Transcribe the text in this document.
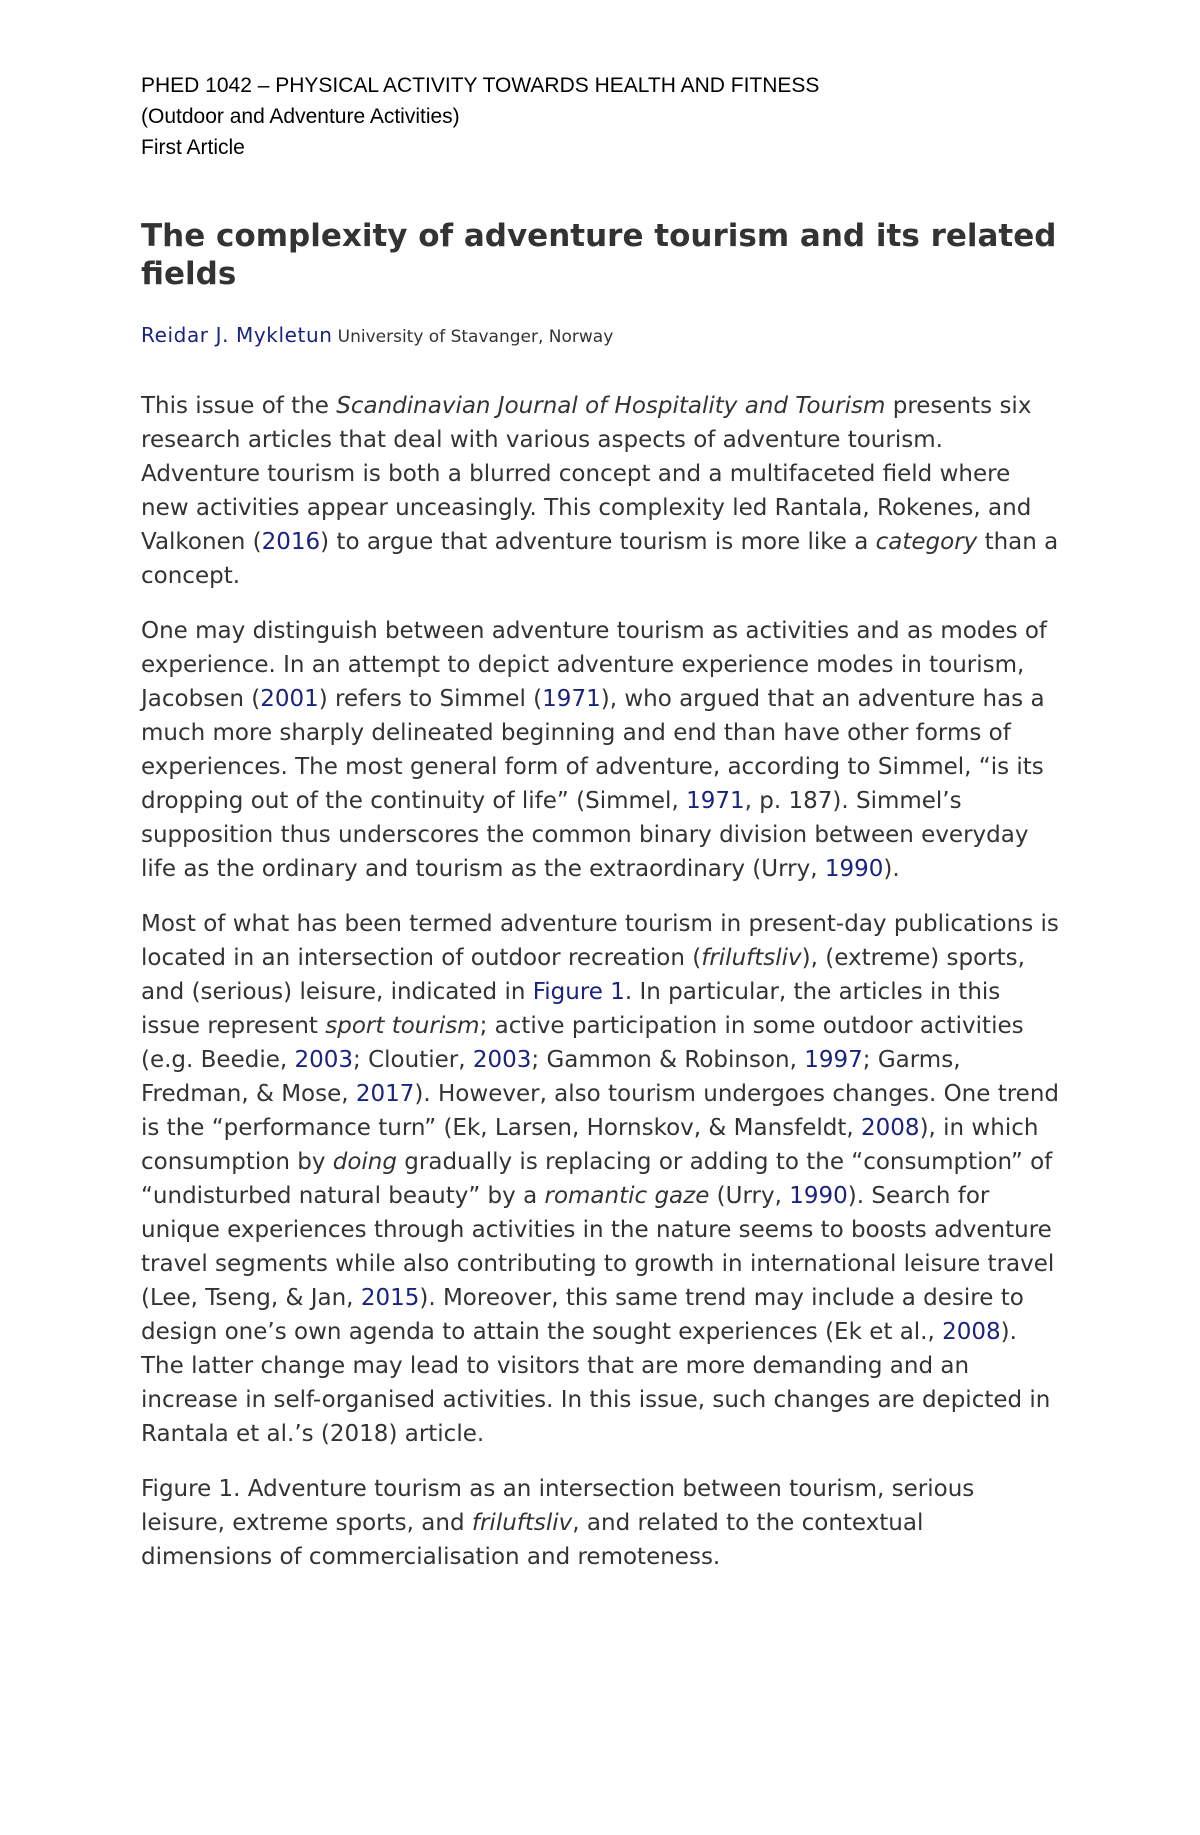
PHED 1042 – PHYSICAL ACTIVITY TOWARDS HEALTH AND FITNESS
(Outdoor and Adventure Activities)
First Article
The complexity of adventure tourism and its related fields
Reidar J. Mykletun University of Stavanger, Norway

This issue of the Scandinavian Journal of Hospitality and Tourism presents six research articles that deal with various aspects of adventure tourism. Adventure tourism is both a blurred concept and a multifaceted field where new activities appear unceasingly. This complexity led Rantala, Rokenes, and Valkonen (2016) to argue that adventure tourism is more like a category than a concept.

One may distinguish between adventure tourism as activities and as modes of experience. In an attempt to depict adventure experience modes in tourism, Jacobsen (2001) refers to Simmel (1971), who argued that an adventure has a much more sharply delineated beginning and end than have other forms of experiences. The most general form of adventure, according to Simmel, “is its dropping out of the continuity of life” (Simmel, 1971, p. 187). Simmel’s supposition thus underscores the common binary division between everyday life as the ordinary and tourism as the extraordinary (Urry, 1990).

Most of what has been termed adventure tourism in present-day publications is located in an intersection of outdoor recreation (friluftsliv), (extreme) sports, and (serious) leisure, indicated in Figure 1. In particular, the articles in this issue represent sport tourism; active participation in some outdoor activities (e.g. Beedie, 2003; Cloutier, 2003; Gammon & Robinson, 1997; Garms, Fredman, & Mose, 2017). However, also tourism undergoes changes. One trend is the “performance turn” (Ek, Larsen, Hornskov, & Mansfeldt, 2008), in which consumption by doing gradually is replacing or adding to the “consumption” of “undisturbed natural beauty” by a romantic gaze (Urry, 1990). Search for unique experiences through activities in the nature seems to boosts adventure travel segments while also contributing to growth in international leisure travel (Lee, Tseng, & Jan, 2015). Moreover, this same trend may include a desire to design one’s own agenda to attain the sought experiences (Ek et al., 2008). The latter change may lead to visitors that are more demanding and an increase in self-organised activities. In this issue, such changes are depicted in Rantala et al.’s (2018) article.

Figure 1. Adventure tourism as an intersection between tourism, serious leisure, extreme sports, and friluftsliv, and related to the contextual dimensions of commercialisation and remoteness.
